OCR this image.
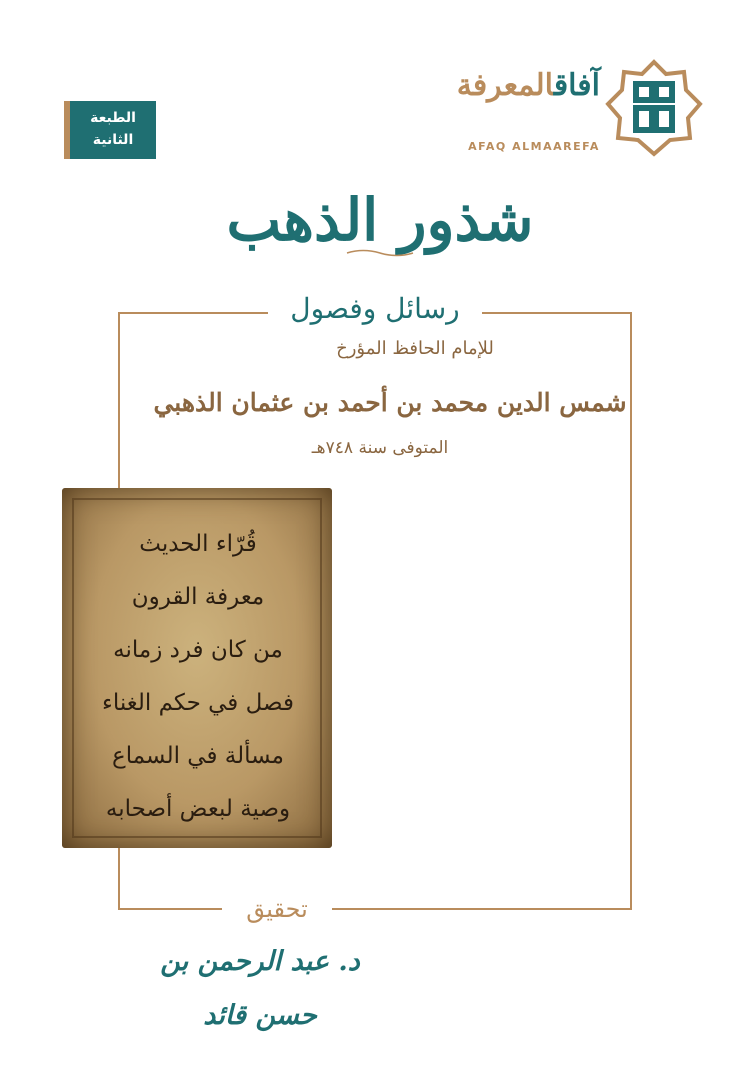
الطبعة
الثانية
آفاقالمعرفة
AFAQ ALMAAREFA
شذور الذهب
رسائل وفصول
للإمام الحافظ المؤرخ
شمس الدين محمد بن أحمد بن عثمان الذهبي
المتوفى سنة ٧٤٨هـ
قُرّاء الحديث
معرفة القرون
من كان فرد زمانه
فصل في حكم الغناء
مسألة في السماع
وصية لبعض أصحابه
تحقيق
د. عبد الرحمن بن حسن قائد
